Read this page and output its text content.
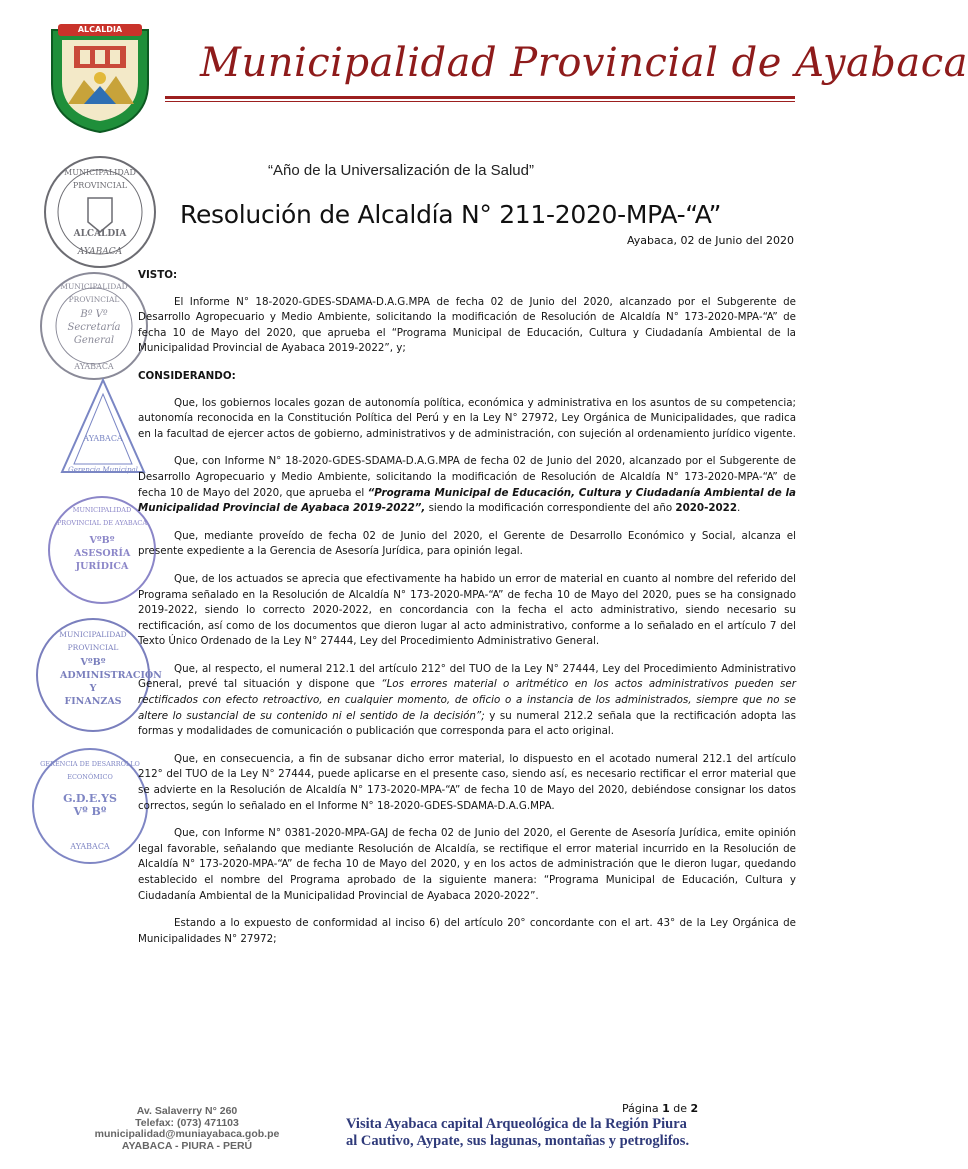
ALCALDIA
Municipalidad Provincial de Ayabaca
MUNICIPALIDAD PROVINCIAL
ALCALDIA
AYABACA
MUNICIPALIDAD PROVINCIAL
Bº Vº Secretaría General
AYABACA
AYABACA
Gerencia Municipal
MUNICIPALIDAD PROVINCIAL DE AYABACA
VºBº ASESORÍA JURÍDICA
MUNICIPALIDAD PROVINCIAL
VºBº ADMINISTRACIÓN Y FINANZAS
GERENCIA DE DESARROLLO ECONÓMICO
G.D.E.YS Vº Bº
AYABACA
“Año de la Universalización de la Salud”
Resolución de Alcaldía N° 211-2020-MPA-“A”
Ayabaca, 02 de Junio del 2020
VISTO:

El Informe N° 18-2020-GDES-SDAMA-D.A.G.MPA de fecha 02 de Junio del 2020, alcanzado por el Subgerente de Desarrollo Agropecuario y Medio Ambiente, solicitando la modificación de Resolución de Alcaldía N° 173-2020-MPA-“A” de fecha 10 de Mayo del 2020, que aprueba el “Programa Municipal de Educación, Cultura y Ciudadanía Ambiental de la Municipalidad Provincial de Ayabaca 2019-2022”, y;

CONSIDERANDO:

Que, los gobiernos locales gozan de autonomía política, económica y administrativa en los asuntos de su competencia; autonomía reconocida en la Constitución Política del Perú y en la Ley N° 27972, Ley Orgánica de Municipalidades, que radica en la facultad de ejercer actos de gobierno, administrativos y de administración, con sujeción al ordenamiento jurídico vigente.

Que, con Informe N° 18-2020-GDES-SDAMA-D.A.G.MPA de fecha 02 de Junio del 2020, alcanzado por el Subgerente de Desarrollo Agropecuario y Medio Ambiente, solicitando la modificación de Resolución de Alcaldía N° 173-2020-MPA-“A” de fecha 10 de Mayo del 2020, que aprueba el “Programa Municipal de Educación, Cultura y Ciudadanía Ambiental de la Municipalidad Provincial de Ayabaca 2019-2022”, siendo la modificación correspondiente del año 2020-2022.

Que, mediante proveído de fecha 02 de Junio del 2020, el Gerente de Desarrollo Económico y Social, alcanza el presente expediente a la Gerencia de Asesoría Jurídica, para opinión legal.

Que, de los actuados se aprecia que efectivamente ha habido un error de material en cuanto al nombre del referido del Programa señalado en la Resolución de Alcaldía N° 173-2020-MPA-“A” de fecha 10 de Mayo del 2020, pues se ha consignado 2019-2022, siendo lo correcto 2020-2022, en concordancia con la fecha el acto administrativo, siendo necesario su rectificación, así como de los documentos que dieron lugar al acto administrativo, conforme a lo señalado en el artículo 7 del Texto Único Ordenado de la Ley N° 27444, Ley del Procedimiento Administrativo General.

Que, al respecto, el numeral 212.1 del artículo 212° del TUO de la Ley N° 27444, Ley del Procedimiento Administrativo General, prevé tal situación y dispone que “Los errores material o aritmético en los actos administrativos pueden ser rectificados con efecto retroactivo, en cualquier momento, de oficio o a instancia de los administrados, siempre que no se altere lo sustancial de su contenido ni el sentido de la decisión”; y su numeral 212.2 señala que la rectificación adopta las formas y modalidades de comunicación o publicación que corresponda para el acto original.

Que, en consecuencia, a fin de subsanar dicho error material, lo dispuesto en el acotado numeral 212.1 del artículo 212° del TUO de la Ley N° 27444, puede aplicarse en el presente caso, siendo así, es necesario rectificar el error material que se advierte en la Resolución de Alcaldía N° 173-2020-MPA-“A” de fecha 10 de Mayo del 2020, debiéndose consignar los datos correctos, según lo señalado en el Informe N° 18-2020-GDES-SDAMA-D.A.G.MPA.

Que, con Informe N° 0381-2020-MPA-GAJ de fecha 02 de Junio del 2020, el Gerente de Asesoría Jurídica, emite opinión legal favorable, señalando que mediante Resolución de Alcaldía, se rectifique el error material incurrido en la Resolución de Alcaldía N° 173-2020-MPA-“A” de fecha 10 de Mayo del 2020, y en los actos de administración que le dieron lugar, quedando establecido el nombre del Programa aprobado de la siguiente manera: “Programa Municipal de Educación, Cultura y Ciudadanía Ambiental de la Municipalidad Provincial de Ayabaca 2020-2022”.

Estando a lo expuesto de conformidad al inciso 6) del artículo 20° concordante con el art. 43° de la Ley Orgánica de Municipalidades N° 27972;

Av. Salaverry N° 260
Telefax: (073) 471103
municipalidad@muniayabaca.gob.pe
AYABACA - PIURA - PERÚ
Página 1 de 2
Visita Ayabaca capital Arqueológica de la Región Piura
al Cautivo, Aypate, sus lagunas, montañas y petroglifos.
